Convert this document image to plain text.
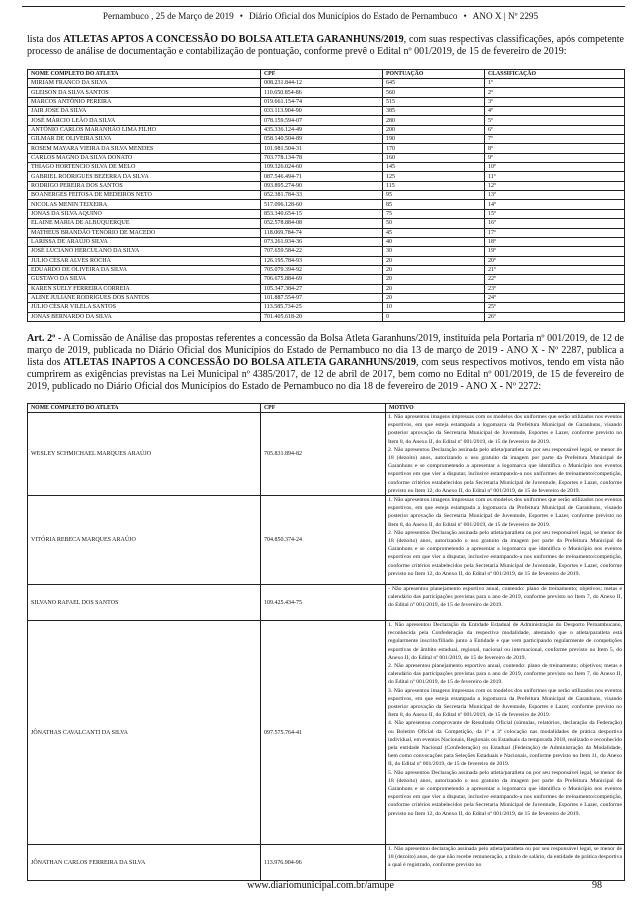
Pernambuco , 25 de Março de 2019 • Diário Oficial dos Municípios do Estado de Pernambuco • ANO X | Nº 2295
lista dos ATLETAS APTOS A CONCESSÃO DO BOLSA ATLETA GARANHUNS/2019, com suas respectivas classificações, após competente processo de análise de documentação e contabilização de pontuação, conforme prevê o Edital nº 001/2019, de 15 de fevereiro de 2019:
NOME COMPLETO DO ATLETA	CPF	PONTUAÇÃO	CLASSIFICAÇÃO
MIRIAM FRANCO DA SILVA	008.231.844-12	645	1º
GLEISON DA SILVA SANTOS	110.650.854-86	560	2º
MARCOS ANTÔNIO PEREIRA	019.661.154-74	515	3º
JAIR JOSE DA SILVA	033.113.904-90	385	4º
JOSÉ MÁRCIO LEÃO DA SILVA	078.159.594-07	280	5º
ANTÔNIO CARLOS MARANHÃO LIMA FILHO	435.336.124-49	200	6º
GILMAR DE OLIVEIRA SILVA	058.140.504-89	190	7º
ROSEM MAYARA VIEIRA DA SILVA MENDES	101.981.504-31	170	8º
CARLOS MAGNO DA SILVA DONATO	703.778.134-78	160	9º
THIAGO HORTENCIO SILVA DE MELO	109.326.024-60	145	10º
GABRIEL RODRIGUES BEZERRA DA SILVA	087.546.494-71	125	11º
RODRIGO PEREIRA DOS SANTOS	093.895.274-90	115	12º
BOANERGES FEITOSA DE MEDEIROS NETO	052.381.784-33	95	13º
NICOLAS MENIN TEIXEIRA	517.096.128-60	85	14º
JONAS DA SILVA AQUINO	853.340.654-15	75	15º
ELAINE MARIA DE ALBUQUERQUE	052.578.884-08	50	16º
MATHEUS BRANDÃO TENÓRIO DE MACEDO	118.069.784-74	45	17º
LARISSA DE ARAÚJO SILVA	073.261.934-36	40	18º
JOSÉ LUCIANO HERCULANO DA SILVA	707.659.584-22	30	19º
JULIO CÉSAR ALVES ROCHA	126.195.784-93	20	20º
EDUARDO DE OLIVEIRA DA SILVA	705.079.394-92	20	21º
GUSTAVO DA SILVA	706.675.884-69	20	22º
KAREN SUELY FERREIRA CORREIA	105.347.384-27	20	23º
ALINE JULIANE RODRIGUES DOS SANTOS	101.887.554-97	20	24º
JÚLIO CÉSAR VILELA SANTOS	113.585.734-25	10	25º
JONAS BERNARDO DA SILVA	701.405.618-20	0	26º
Art. 2º - A Comissão de Análise das propostas referentes a concessão da Bolsa Atleta Garanhuns/2019, instituída pela Portaria nº 001/2019, de 12 de março de 2019, publicada no Diário Oficial dos Municípios do Estado de Pernambuco no dia 13 de março de 2019 - ANO X - Nº 2287, publica a lista dos ATLETAS INAPTOS A CONCESSÃO DO BOLSA ATLETA GARANHUNS/2019, com seus respectivos motivos, tendo em vista não cumprirem as exigências previstas na Lei Municipal nº 4385/2017, de 12 de abril de 2017, bem como no Edital nº 001/2019, de 15 de fevereiro de 2019, publicado no Diário Oficial dos Municípios do Estado de Pernambuco no dia 18 de fevereiro de 2019 - ANO X - Nº 2272:
NOME COMPLETO DO ATLETA	CPF	MOTIVO
WESLEY SCHMICHAEL MARQUES ARAÚJO	705.831.894-82	1. Não apresentou imagens impressas com os modelos dos uniformes que serão utilizados nos eventos esportivos, em que esteja estampada a logomarca da Prefeitura Municipal de Garanhuns, visando posterior aprovação da Secretaria Municipal de Juventude, Esportes e Lazer, conforme previsto no Item 8, do Anexo II, do Edital nº 001/2019, de 15 de fevereiro de 2019.

2. Não apresentou Declaração assinada pelo atleta/paratleta ou por seu responsável legal, se menor de 18 (dezoito) anos, autorizando o uso gratuito da imagem por parte da Prefeitura Municipal de Garanhuns e se comprometendo a apresentar a logomarca que identifica o Município nos eventos esportivos em que vier a disputar, inclusive estampando-a nos uniformes de treinamento/competição, conforme critérios estabelecidos pela Secretaria Municipal de Juventude, Esportes e Lazer, conforme previsto no Item 12, do Anexo II, do Edital nº 001/2019, de 15 de fevereiro de 2019.

VITÓRIA REBECA MARQUES ARAÚJO	704.850.374-24	1. Não apresentou imagens impressas com os modelos dos uniformes que serão utilizados nos eventos esportivos, em que esteja estampada a logomarca da Prefeitura Municipal de Garanhuns, visando posterior aprovação da Secretaria Municipal de Juventude, Esportes e Lazer, conforme previsto no Item 8, do Anexo II, do Edital nº 001/2019, de 15 de fevereiro de 2019.

2. Não apresentou Declaração assinada pelo atleta/paratleta ou por seu responsável legal, se menor de 18 (dezoito) anos, autorizando o uso gratuito da imagem por parte da Prefeitura Municipal de Garanhuns e se comprometendo a apresentar a logomarca que identifica o Município nos eventos esportivos em que vier a disputar, inclusive estampando-a nos uniformes de treinamento/competição, conforme critérios estabelecidos pela Secretaria Municipal de Juventude, Esportes e Lazer, conforme previsto no Item 12, do Anexo II, do Edital nº 001/2019, de 15 de fevereiro de 2019.

SILVANO RAFAEL DOS SANTOS	109.425.434-75	- Não apresentou planejamento esportivo anual, contendo: plano de treinamento; objetivos; metas e calendário das participações previstas para o ano de 2019, conforme previsto no Item 7, do Anexo II, do Edital nº 001/2019, de 15 de fevereiro de 2019.

JÔNATHAS CAVALCANTI DA SILVA	097.575.764-41	1. Não apresentou Declaração da Entidade Estadual de Administração do Desporto Pernambucano, reconhecida pela Confederação da respectiva modalidade, atestando que o atleta/paratleta está regularmente inscrito/filiado junto a Entidade e que vem participando regularmente de competições esportivas de âmbito estadual, regional, nacional ou internacional, conforme previsto no Item 5, do Anexo II, do Edital nº 001/2019, de 15 de fevereiro de 2019.

2. Não apresentou planejamento esportivo anual, contendo: plano de treinamento; objetivos; metas e calendário das participações previstas para o ano de 2019, conforme previsto no Item 7, do Anexo II, do Edital nº 001/2019, de 15 de fevereiro de 2019.

3. Não apresentou imagens impressas com os modelos dos uniformes que serão utilizados nos eventos esportivos, em que esteja estampada a logomarca da Prefeitura Municipal de Garanhuns, visando posterior aprovação da Secretaria Municipal de Juventude, Esportes e Lazer, conforme previsto no Item 8, do Anexo II, do Edital nº 001/2019, de 15 de fevereiro de 2019.

4. Não apresentou comprovante de Resultado Oficial (súmulas, relatórios, declaração da Federação) ou Boletim Oficial da Competição, da 1ª a 3ª colocação nas modalidades de prática desportiva individual, em eventos Nacionais, Regionais ou Estaduais da temporada 2018, realizado e reconhecido pela entidade Nacional (Confederação) ou Estadual (Federação) de Administração da Modalidade, bem como convocações para Seleções Estaduais e Nacionais, conforme previsto no Item 11, do Anexo II, do Edital nº 001/2019, de 15 de fevereiro de 2019.

5. Não apresentou Declaração assinada pelo atleta/paratleta ou por seu responsável legal, se menor de 18 (dezoito) anos, autorizando o uso gratuito da imagem por parte da Prefeitura Municipal de Garanhuns e se comprometendo a apresentar a logomarca que identifica o Município nos eventos esportivos em que vier a disputar, inclusive estampando-a nos uniformes de treinamento/competição, conforme critérios estabelecidos pela Secretaria Municipal de Juventude, Esportes e Lazer, conforme previsto no Item 12, do Anexo II, do Edital nº 001/2019, de 15 de fevereiro de 2019.

JÔNATHAN CARLOS FERREIRA DA SILVA	113.976.904-96	1. Não apresentou declaração assinada pelo atleta/paratleta ou por seu responsável legal, se menor de 18 (dezoito) anos, de que não recebe remuneração, a título de salário, da entidade de prática desportiva a qual é registrado, conforme previsto no

www.diariomunicipal.com.br/amupe	98
